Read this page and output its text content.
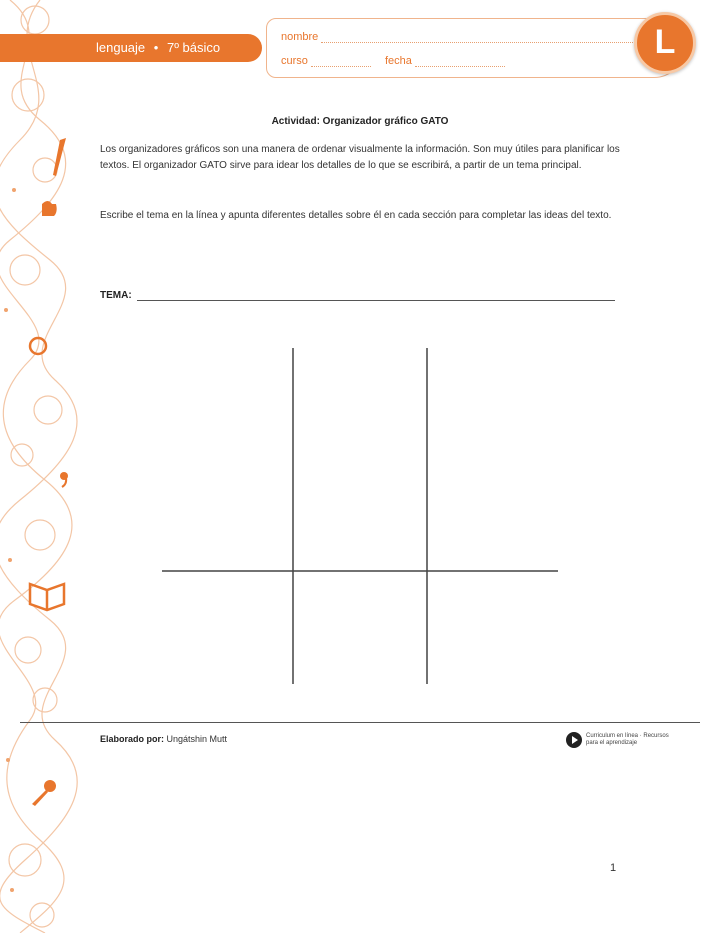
lenguaje • 7º básico
nombre
curso	fecha	L
Actividad: Organizador gráfico GATO

Los organizadores gráficos son una manera de ordenar visualmente la información. Son muy útiles para planificar los textos. El organizador GATO sirve para idear los detalles de lo que se escribirá, a partir de un tema principal.

Escribe el tema en la línea y apunta diferentes detalles sobre él en cada sección para completar las ideas del texto.

TEMA:
Elaborado por: Ungátshin Mutt	Curriculum en línea · Recursos para el aprendizaje
1
